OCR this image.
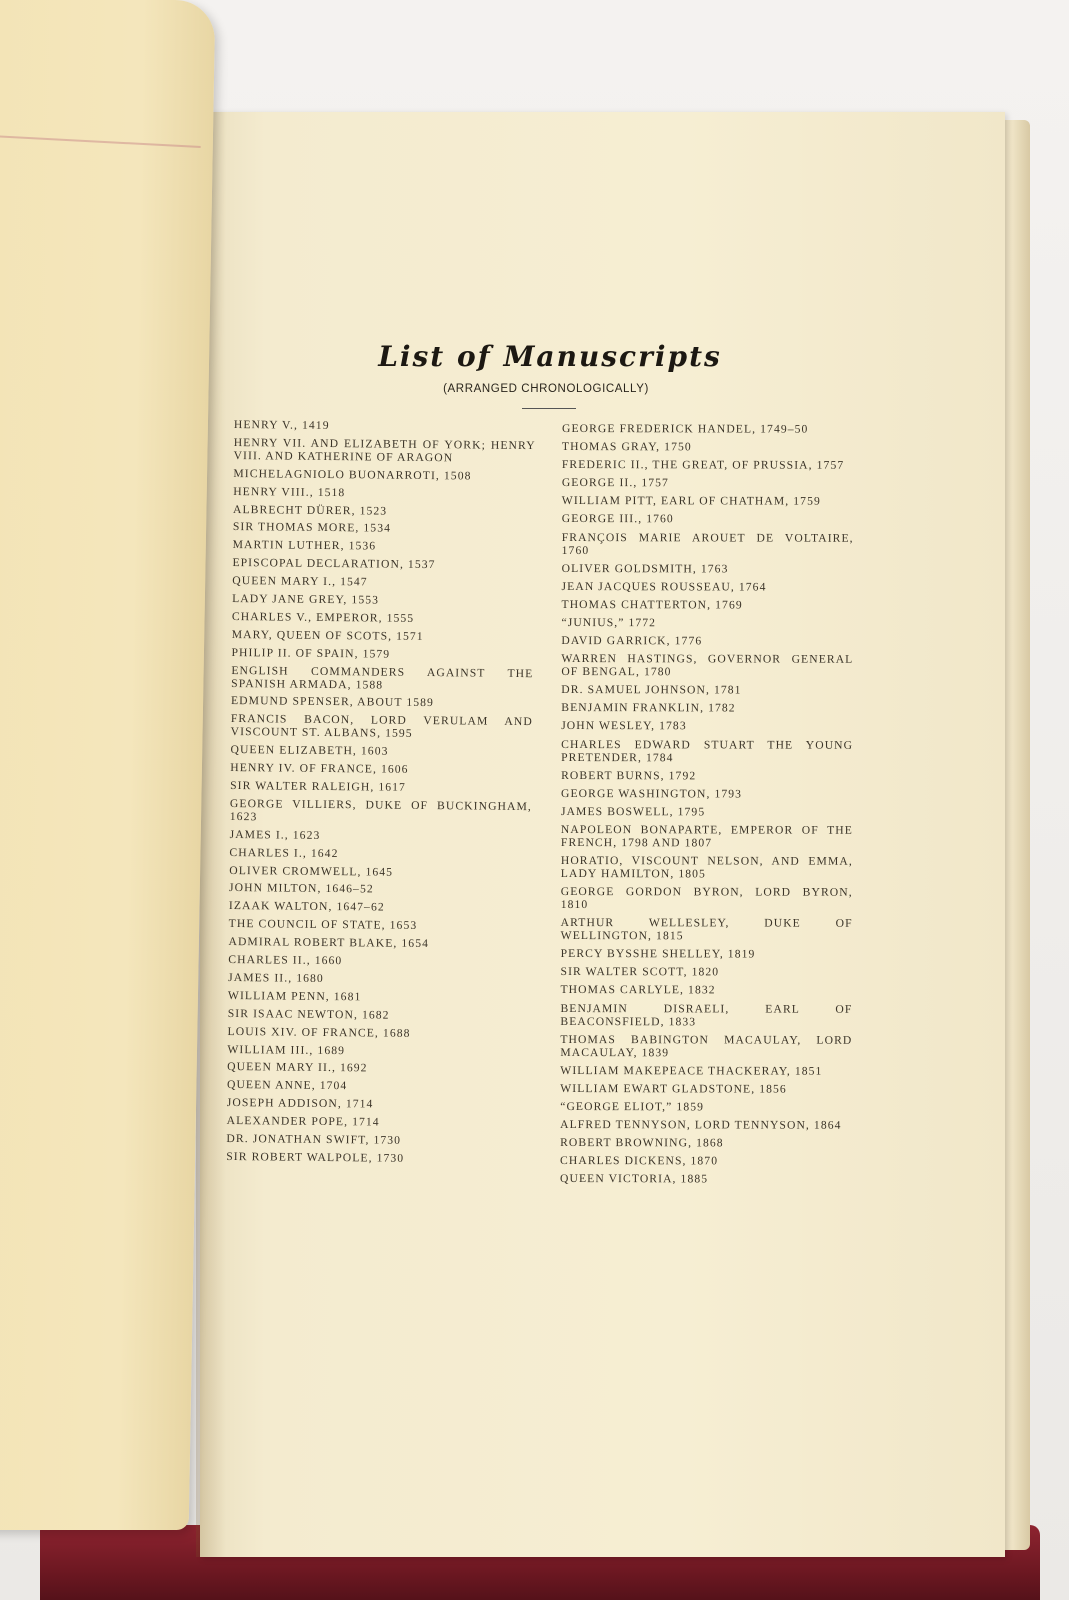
List of Manuscripts
(ARRANGED CHRONOLOGICALLY)
HENRY V., 1419
HENRY VII. AND ELIZABETH OF YORK; HENRY VIII. AND KATHERINE OF ARAGON
MICHELAGNIOLO BUONARROTI, 1508
HENRY VIII., 1518
ALBRECHT DÜRER, 1523
SIR THOMAS MORE, 1534
MARTIN LUTHER, 1536
EPISCOPAL DECLARATION, 1537
QUEEN MARY I., 1547
LADY JANE GREY, 1553
CHARLES V., EMPEROR, 1555
MARY, QUEEN OF SCOTS, 1571
PHILIP II. OF SPAIN, 1579
ENGLISH COMMANDERS AGAINST THE SPANISH ARMADA, 1588
EDMUND SPENSER, ABOUT 1589
FRANCIS BACON, LORD VERULAM AND VISCOUNT ST. ALBANS, 1595
QUEEN ELIZABETH, 1603
HENRY IV. OF FRANCE, 1606
SIR WALTER RALEIGH, 1617
GEORGE VILLIERS, DUKE OF BUCKINGHAM, 1623
JAMES I., 1623
CHARLES I., 1642
OLIVER CROMWELL, 1645
JOHN MILTON, 1646–52
IZAAK WALTON, 1647–62
THE COUNCIL OF STATE, 1653
ADMIRAL ROBERT BLAKE, 1654
CHARLES II., 1660
JAMES II., 1680
WILLIAM PENN, 1681
SIR ISAAC NEWTON, 1682
LOUIS XIV. OF FRANCE, 1688
WILLIAM III., 1689
QUEEN MARY II., 1692
QUEEN ANNE, 1704
JOSEPH ADDISON, 1714
ALEXANDER POPE, 1714
DR. JONATHAN SWIFT, 1730
SIR ROBERT WALPOLE, 1730
GEORGE FREDERICK HANDEL, 1749–50
THOMAS GRAY, 1750
FREDERIC II., THE GREAT, OF PRUSSIA, 1757
GEORGE II., 1757
WILLIAM PITT, EARL OF CHATHAM, 1759
GEORGE III., 1760
FRANÇOIS MARIE AROUET DE VOLTAIRE, 1760
OLIVER GOLDSMITH, 1763
JEAN JACQUES ROUSSEAU, 1764
THOMAS CHATTERTON, 1769
“JUNIUS,” 1772
DAVID GARRICK, 1776
WARREN HASTINGS, GOVERNOR GENERAL OF BENGAL, 1780
DR. SAMUEL JOHNSON, 1781
BENJAMIN FRANKLIN, 1782
JOHN WESLEY, 1783
CHARLES EDWARD STUART THE YOUNG PRETENDER, 1784
ROBERT BURNS, 1792
GEORGE WASHINGTON, 1793
JAMES BOSWELL, 1795
NAPOLEON BONAPARTE, EMPEROR OF THE FRENCH, 1798 AND 1807
HORATIO, VISCOUNT NELSON, AND EMMA, LADY HAMILTON, 1805
GEORGE GORDON BYRON, LORD BYRON, 1810
ARTHUR WELLESLEY, DUKE OF WELLINGTON, 1815
PERCY BYSSHE SHELLEY, 1819
SIR WALTER SCOTT, 1820
THOMAS CARLYLE, 1832
BENJAMIN DISRAELI, EARL OF BEACONSFIELD, 1833
THOMAS BABINGTON MACAULAY, LORD MACAULAY, 1839
WILLIAM MAKEPEACE THACKERAY, 1851
WILLIAM EWART GLADSTONE, 1856
“GEORGE ELIOT,” 1859
ALFRED TENNYSON, LORD TENNYSON, 1864
ROBERT BROWNING, 1868
CHARLES DICKENS, 1870
QUEEN VICTORIA, 1885
